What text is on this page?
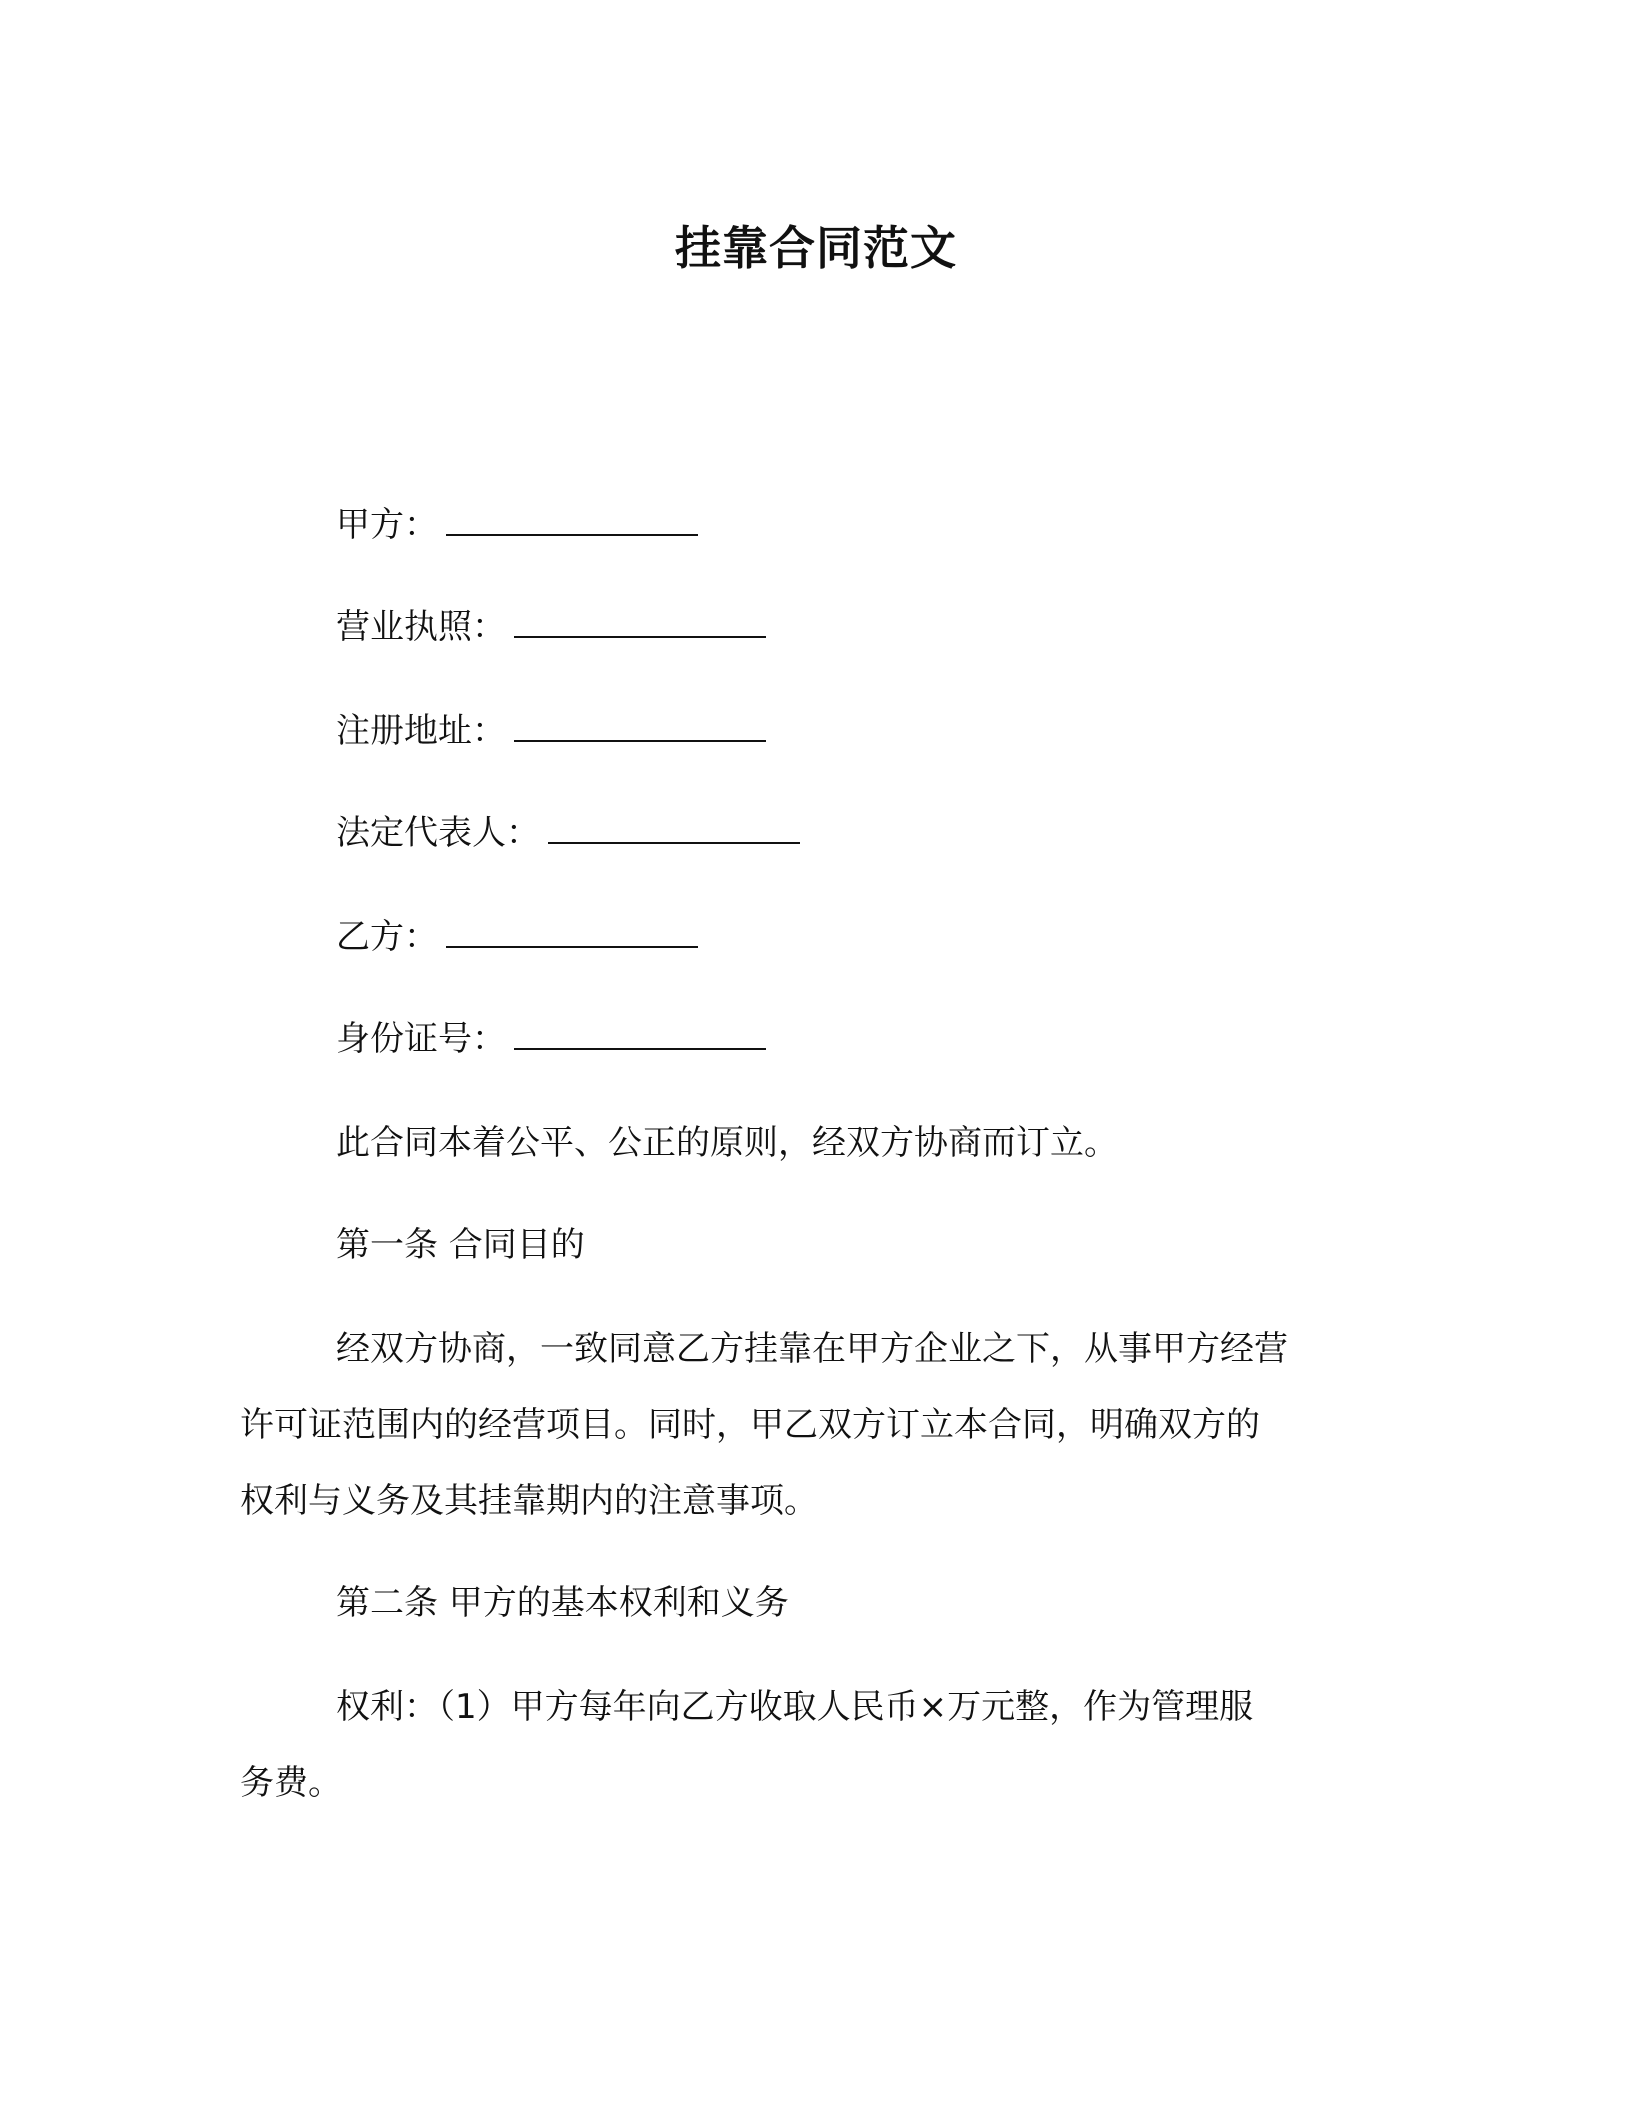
挂靠合同范文
甲方：
营业执照：
注册地址：
法定代表人：
乙方：
身份证号：
此合同本着公平、公正的原则，经双方协商而订立。
第一条 合同目的
经双方协商，一致同意乙方挂靠在甲方企业之下，从事甲方经营
许可证范围内的经营项目。同时，甲乙双方订立本合同，明确双方的
权利与义务及其挂靠期内的注意事项。
第二条 甲方的基本权利和义务
权利：（1）甲方每年向乙方收取人民币×万元整，作为管理服
务费。
